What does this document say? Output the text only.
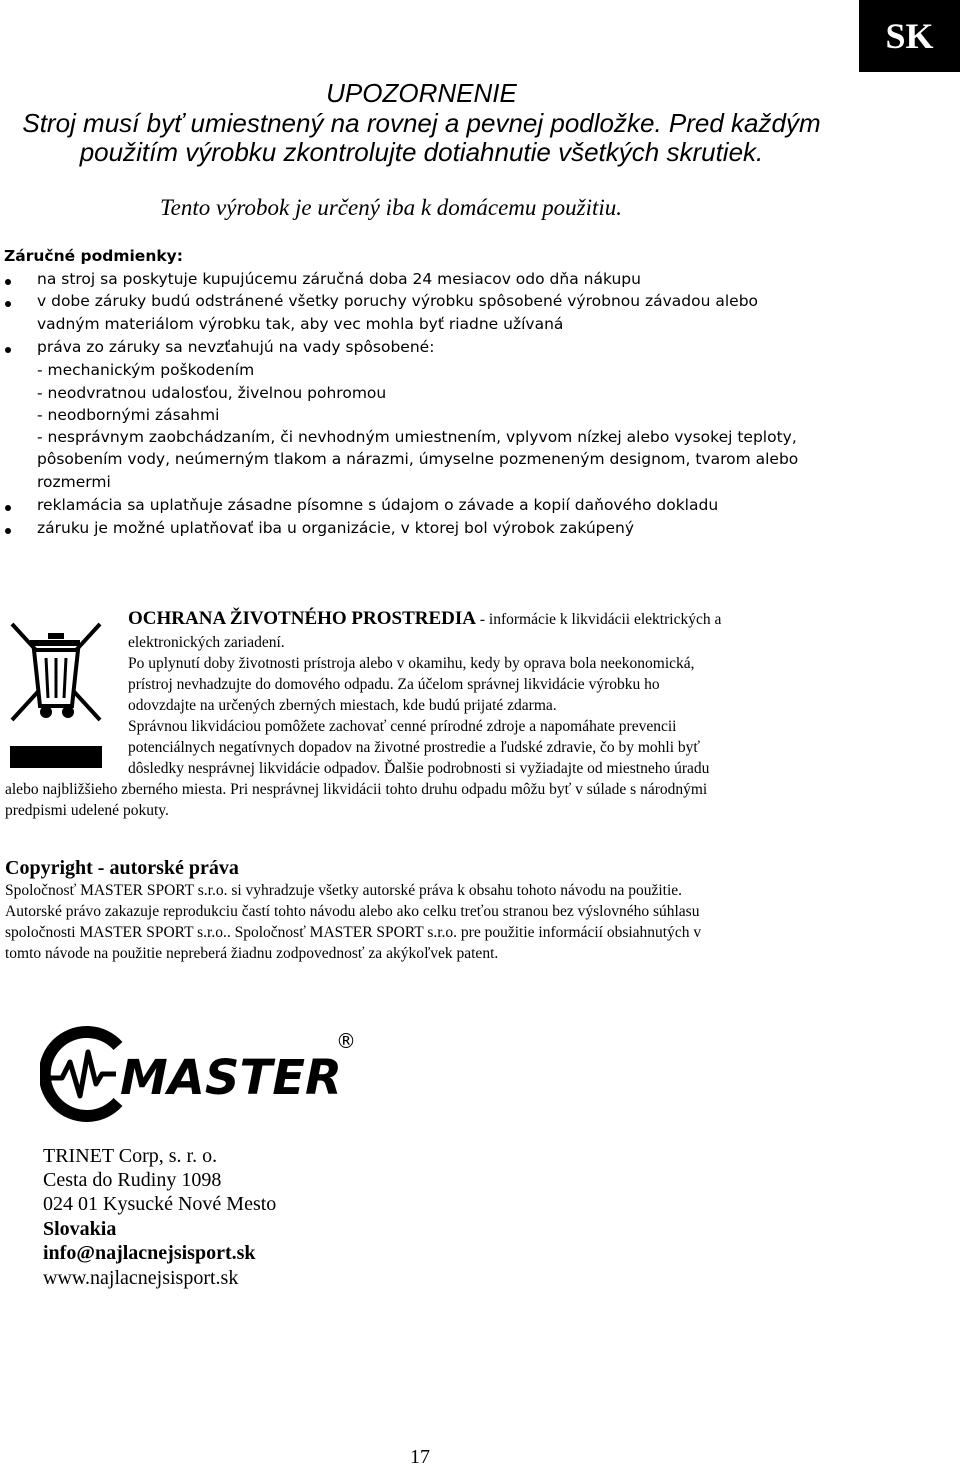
SK
UPOZORNENIE
Stroj musí byť umiestnený na rovnej a pevnej podložke. Pred každým
použitím výrobku zkontrolujte dotiahnutie všetkých skrutiek.
Tento výrobok je určený iba k domácemu použitiu.
Záručné podmienky:
na stroj sa poskytuje kupujúcemu záručná doba 24 mesiacov odo dňa nákupu
v dobe záruky budú odstránené všetky poruchy výrobku spôsobené výrobnou závadou alebo
vadným materiálom výrobku tak, aby vec mohla byť riadne užívaná
práva zo záruky sa nevzťahujú na vady spôsobené:
- mechanickým poškodením
- neodvratnou udalosťou, živelnou pohromou
- neodbornými zásahmi
- nesprávnym zaobchádzaním, či nevhodným umiestnením, vplyvom nízkej alebo vysokej teploty,
pôsobením vody, neúmerným tlakom a nárazmi, úmyselne pozmeneným designom, tvarom alebo
rozmermi
reklamácia sa uplatňuje zásadne písomne s údajom o závade a kopií daňového dokladu
záruku je možné uplatňovať iba u organizácie, v ktorej bol výrobok zakúpený
OCHRANA ŽIVOTNÉHO PROSTREDIA - informácie k likvidácii elektrických a
elektronických zariadení.
Po uplynutí doby životnosti prístroja alebo v okamihu, kedy by oprava bola neekonomická,
prístroj nevhadzujte do domového odpadu. Za účelom správnej likvidácie výrobku ho
odovzdajte na určených zberných miestach, kde budú prijaté zdarma.
Správnou likvidáciou pomôžete zachovať cenné prírodné zdroje a napomáhate prevencii
potenciálnych negatívnych dopadov na životné prostredie a ľudské zdravie, čo by mohli byť
dôsledky nesprávnej likvidácie odpadov. Ďalšie podrobnosti si vyžiadajte od miestneho úradu
alebo najbližšieho zberného miesta. Pri nesprávnej likvidácii tohto druhu odpadu môžu byť v súlade s národnými
predpismi udelené pokuty.
Copyright - autorské práva
Spoločnosť MASTER SPORT s.r.o. si vyhradzuje všetky autorské práva k obsahu tohoto návodu na použitie.
Autorské právo zakazuje reprodukciu častí tohto návodu alebo ako celku treťou stranou bez výslovného súhlasu
spoločnosti MASTER SPORT s.r.o.. Spoločnosť MASTER SPORT s.r.o. pre použitie informácií obsiahnutých v
tomto návode na použitie nepreberá žiadnu zodpovednosť za akýkoľvek patent.
MASTER
®
TRINET Corp, s. r. o.
Cesta do Rudiny 1098
024 01 Kysucké Nové Mesto
Slovakia
info@najlacnejsisport.sk
www.najlacnejsisport.sk
17
